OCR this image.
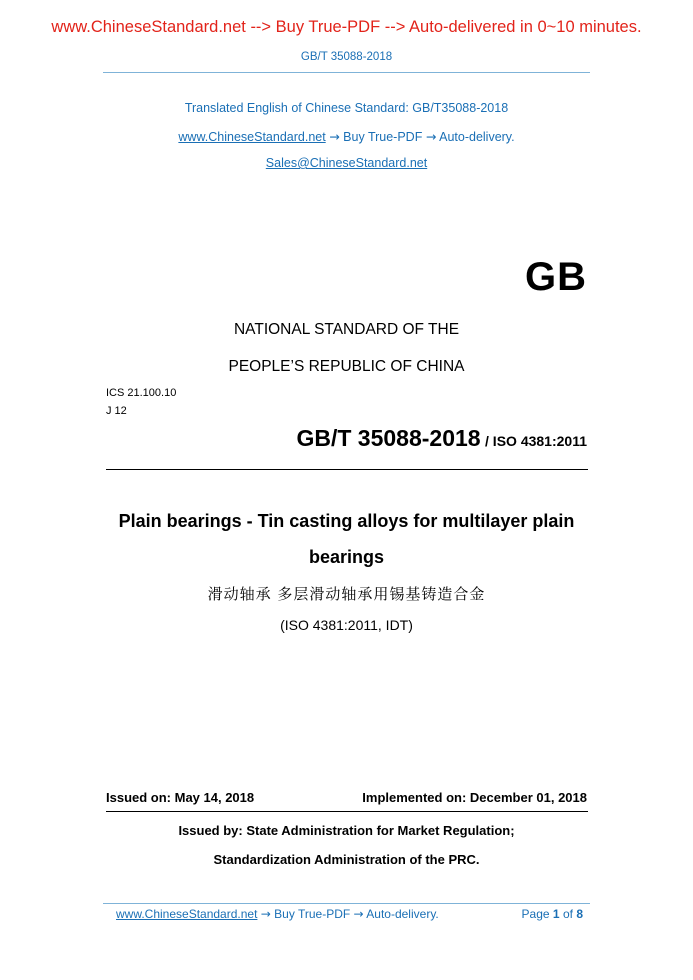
www.ChineseStandard.net --> Buy True-PDF --> Auto-delivered in 0~10 minutes.
GB/T 35088-2018
Translated English of Chinese Standard: GB/T35088-2018
www.ChineseStandard.net → Buy True-PDF → Auto-delivery.
Sales@ChineseStandard.net
GB
NATIONAL STANDARD OF THE
PEOPLE’S REPUBLIC OF CHINA
ICS 21.100.10
J 12
GB/T 35088-2018 / ISO 4381:2011
Plain bearings - Tin casting alloys for multilayer plain
bearings
滑动轴承 多层滑动轴承用锡基铸造合金
(ISO 4381:2011, IDT)
Issued on: May 14, 2018	Implemented on: December 01, 2018
Issued by: State Administration for Market Regulation;
Standardization Administration of the PRC.
www.ChineseStandard.net → Buy True-PDF → Auto-delivery.	Page 1 of 8
